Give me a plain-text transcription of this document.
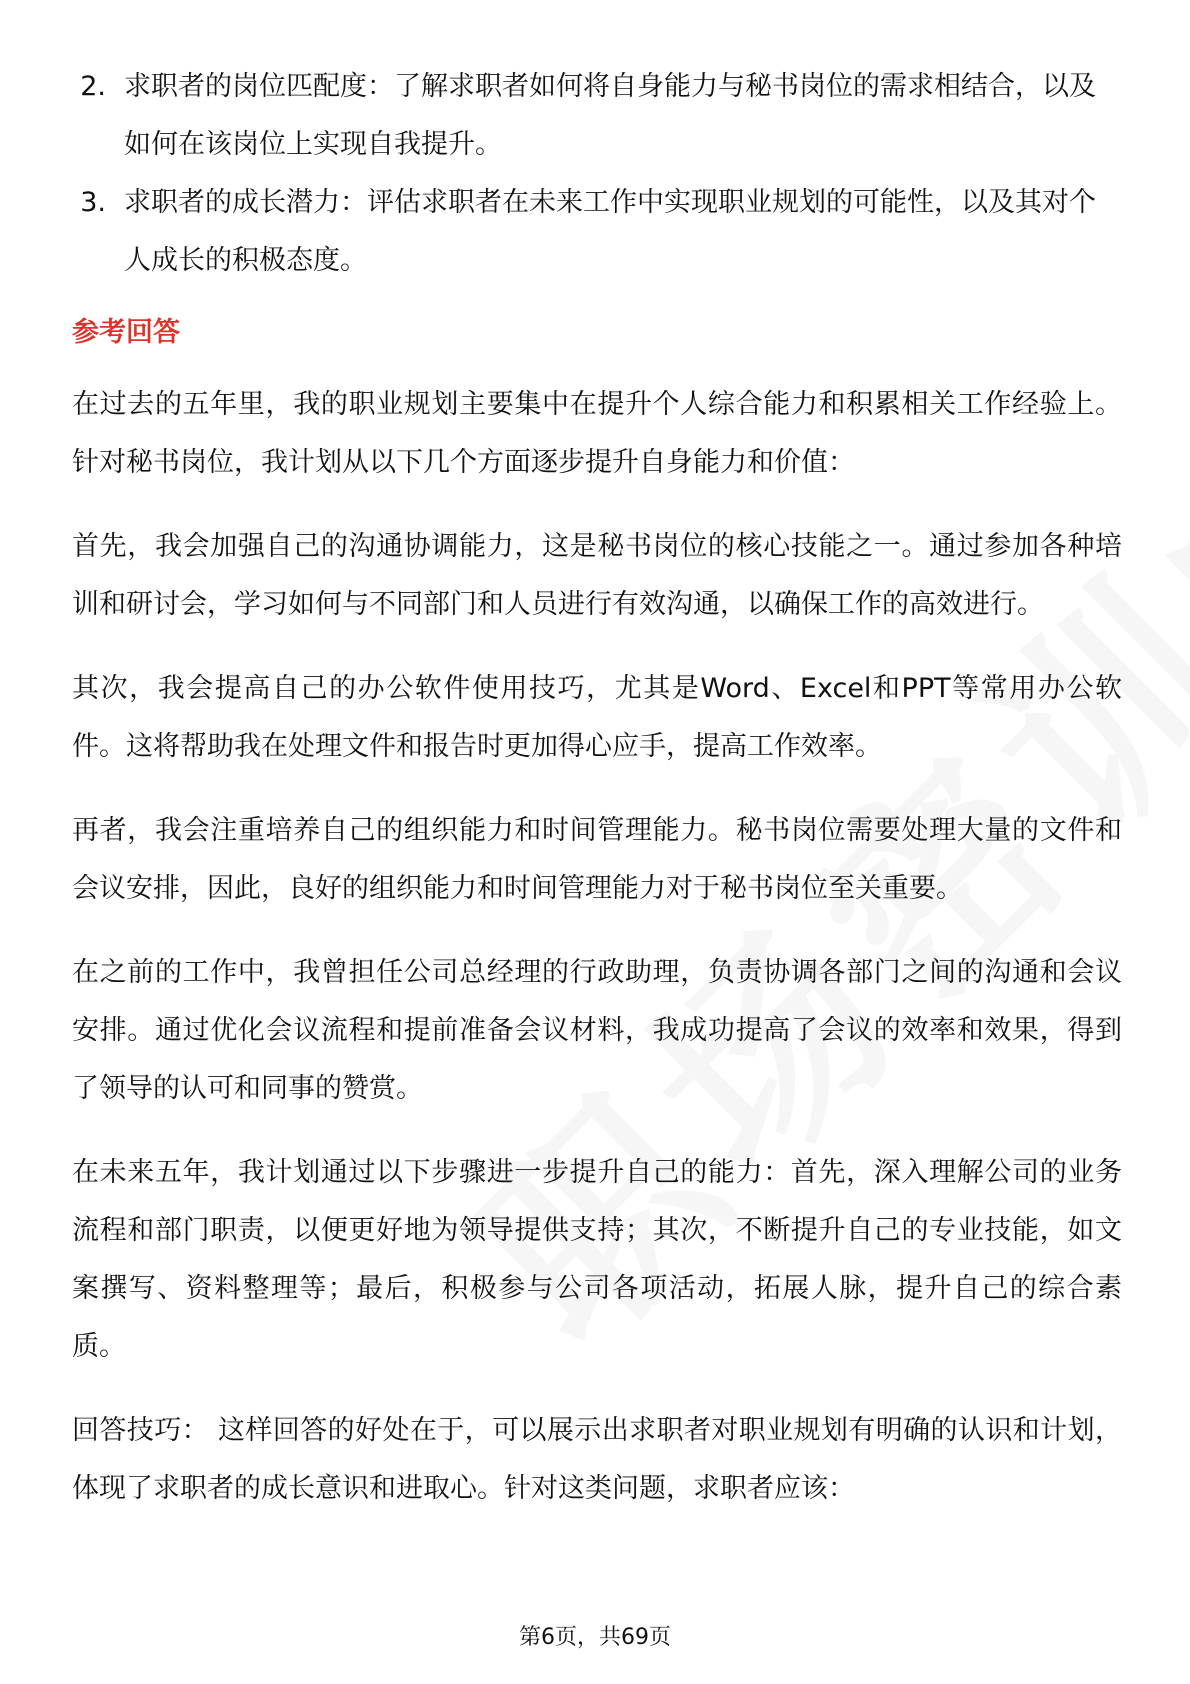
2. 求职者的岗位匹配度：了解求职者如何将自身能力与秘书岗位的需求相结合，以及如何在该岗位上实现自我提升。
3. 求职者的成长潜力：评估求职者在未来工作中实现职业规划的可能性，以及其对个人成长的积极态度。
参考回答

在过去的五年里，我的职业规划主要集中在提升个人综合能力和积累相关工作经验上。针对秘书岗位，我计划从以下几个方面逐步提升自身能力和价值：

首先，我会加强自己的沟通协调能力，这是秘书岗位的核心技能之一。通过参加各种培训和研讨会，学习如何与不同部门和人员进行有效沟通，以确保工作的高效进行。

其次，我会提高自己的办公软件使用技巧，尤其是Word、Excel和PPT等常用办公软件。这将帮助我在处理文件和报告时更加得心应手，提高工作效率。

再者，我会注重培养自己的组织能力和时间管理能力。秘书岗位需要处理大量的文件和会议安排，因此，良好的组织能力和时间管理能力对于秘书岗位至关重要。

在之前的工作中，我曾担任公司总经理的行政助理，负责协调各部门之间的沟通和会议安排。通过优化会议流程和提前准备会议材料，我成功提高了会议的效率和效果，得到了领导的认可和同事的赞赏。

在未来五年，我计划通过以下步骤进一步提升自己的能力：首先，深入理解公司的业务流程和部门职责，以便更好地为领导提供支持；其次，不断提升自己的专业技能，如文案撰写、资料整理等；最后，积极参与公司各项活动，拓展人脉，提升自己的综合素质。

回答技巧： 这样回答的好处在于，可以展示出求职者对职业规划有明确的认识和计划，体现了求职者的成长意识和进取心。针对这类问题，求职者应该：

第6页，共69页
